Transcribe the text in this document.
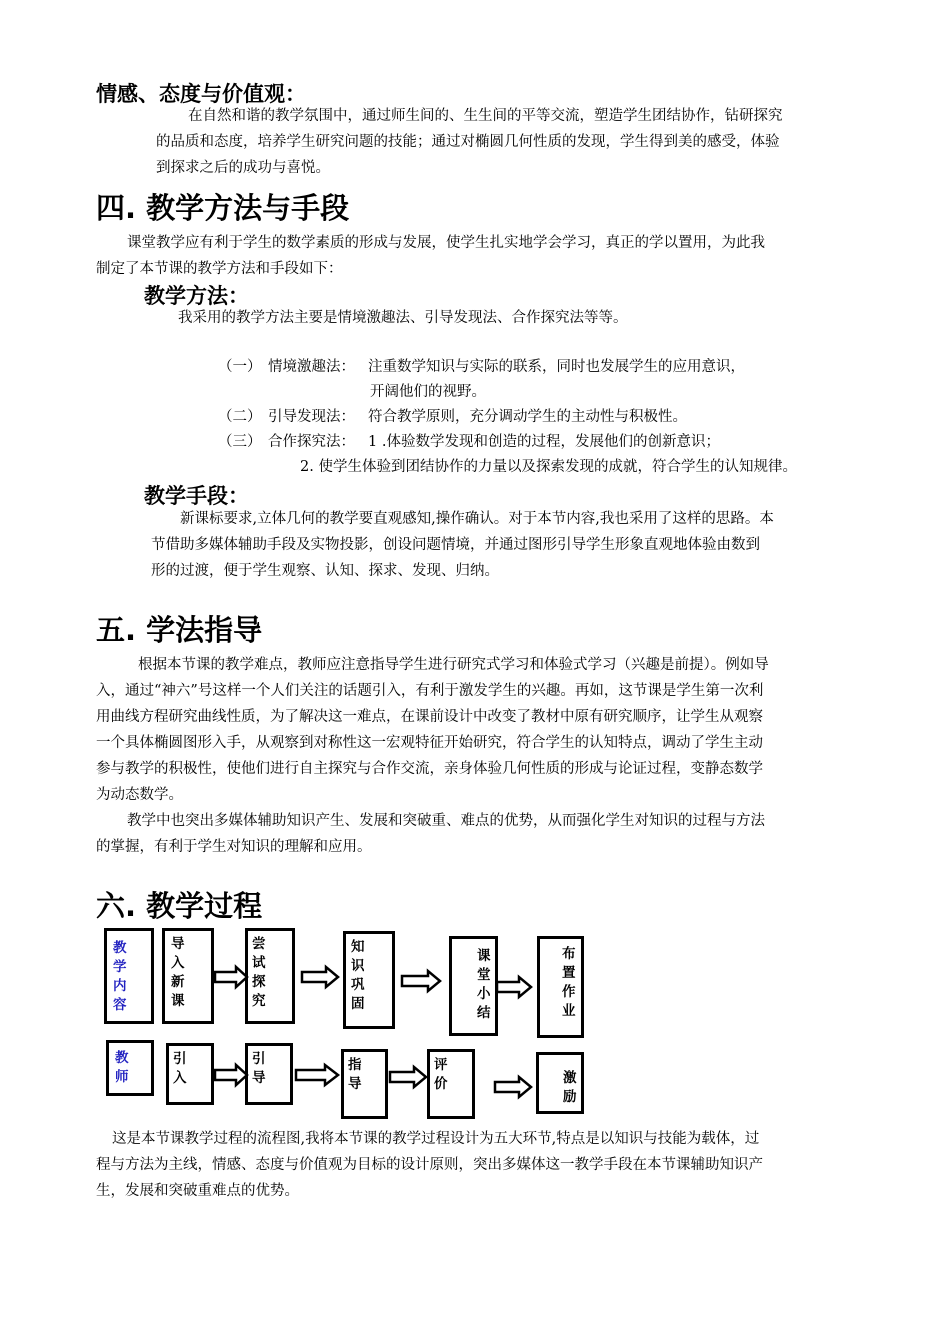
情感、态度与价值观：
在自然和谐的教学氛围中，通过师生间的、生生间的平等交流，塑造学生团结协作，钻研探究
的品质和态度，培养学生研究问题的技能；通过对椭圆几何性质的发现，学生得到美的感受，体验
到探求之后的成功与喜悦。
四. 教学方法与手段
课堂教学应有利于学生的数学素质的形成与发展，使学生扎实地学会学习，真正的学以置用，为此我
制定了本节课的教学方法和手段如下：
教学方法：
我采用的教学方法主要是情境激趣法、引导发现法、合作探究法等等。
（一） 情境激趣法： 注重数学知识与实际的联系，同时也发展学生的应用意识，
开阔他们的视野。
（二） 引导发现法： 符合教学原则，充分调动学生的主动性与积极性。
（三） 合作探究法： 1 .体验数学发现和创造的过程，发展他们的创新意识；
2. 使学生体验到团结协作的力量以及探索发现的成就，符合学生的认知规律。
教学手段：
新课标要求,立体几何的教学要直观感知,操作确认。对于本节内容,我也采用了这样的思路。本
节借助多媒体辅助手段及实物投影，创设问题情境，并通过图形引导学生形象直观地体验由数到
形的过渡，便于学生观察、认知、探求、发现、归纳。
五. 学法指导
根据本节课的教学难点，教师应注意指导学生进行研究式学习和体验式学习（兴趣是前提）。例如导
入，通过“神六”号这样一个人们关注的话题引入，有利于激发学生的兴趣。再如，这节课是学生第一次利
用曲线方程研究曲线性质，为了解决这一难点，在课前设计中改变了教材中原有研究顺序，让学生从观察
一个具体椭圆图形入手，从观察到对称性这一宏观特征开始研究，符合学生的认知特点，调动了学生主动
参与教学的积极性，使他们进行自主探究与合作交流，亲身体验几何性质的形成与论证过程，变静态数学
为动态数学。
教学中也突出多媒体辅助知识产生、发展和突破重、难点的优势，从而强化学生对知识的过程与方法
的掌握，有利于学生对知识的理解和应用。
六. 教学过程
教学内容
导入新课
尝试探究
知识巩固
课堂小结
布置作业
教师
引入
引导
指导
评价	激励
这是本节课教学过程的流程图,我将本节课的教学过程设计为五大环节,特点是以知识与技能为载体，过
程与方法为主线，情感、态度与价值观为目标的设计原则，突出多媒体这一教学手段在本节课辅助知识产
生，发展和突破重难点的优势。
